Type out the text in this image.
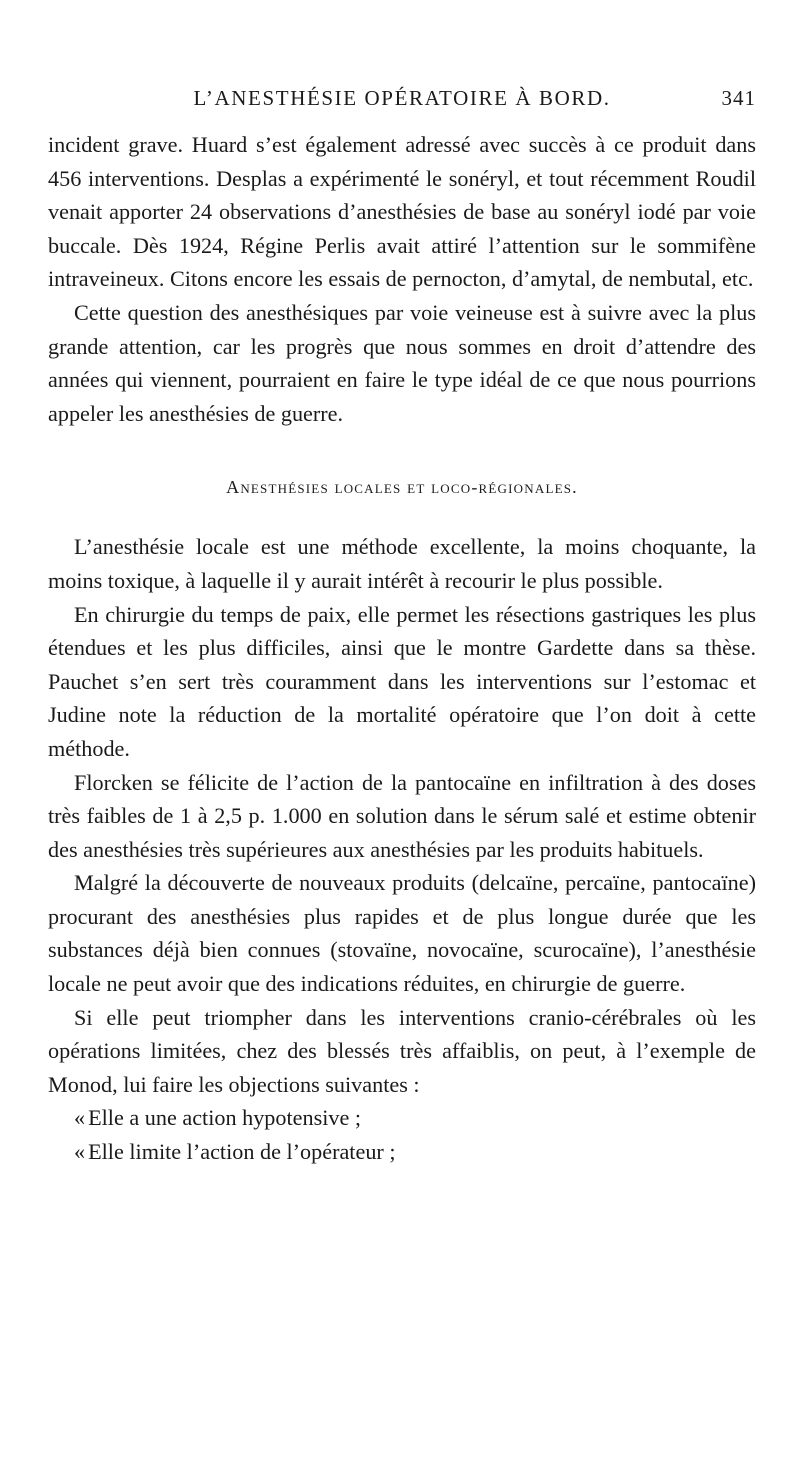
L’ANESTHÉSIE OPÉRATOIRE À BORD.	341

incident grave. Huard s’est également adressé avec succès à ce produit dans 456 interventions. Desplas a expérimenté le sonéryl, et tout récemment Roudil venait apporter 24 observations d’anesthésies de base au sonéryl iodé par voie buccale. Dès 1924, Régine Perlis avait attiré l’attention sur le sommifène intraveineux. Citons encore les essais de pernocton, d’amytal, de nembutal, etc.

Cette question des anesthésiques par voie veineuse est à suivre avec la plus grande attention, car les progrès que nous sommes en droit d’attendre des années qui viennent, pourraient en faire le type idéal de ce que nous pourrions appeler les anesthésies de guerre.

Anesthésies locales et loco-régionales.

L’anesthésie locale est une méthode excellente, la moins choquante, la moins toxique, à laquelle il y aurait intérêt à recourir le plus possible.

En chirurgie du temps de paix, elle permet les résections gastriques les plus étendues et les plus difficiles, ainsi que le montre Gardette dans sa thèse. Pauchet s’en sert très couramment dans les interventions sur l’estomac et Judine note la réduction de la mortalité opératoire que l’on doit à cette méthode.

Florcken se félicite de l’action de la pantocaïne en infiltration à des doses très faibles de 1 à 2,5 p. 1.000 en solution dans le sérum salé et estime obtenir des anesthésies très supérieures aux anesthésies par les produits habituels.

Malgré la découverte de nouveaux produits (delcaïne, percaïne, pantocaïne) procurant des anesthésies plus rapides et de plus longue durée que les substances déjà bien connues (stovaïne, novocaïne, scurocaïne), l’anesthésie locale ne peut avoir que des indications réduites, en chirurgie de guerre.

Si elle peut triompher dans les interventions cranio-cérébrales où les opérations limitées, chez des blessés très affaiblis, on peut, à l’exemple de Monod, lui faire les objections suivantes :

« Elle a une action hypotensive ;
« Elle limite l’action de l’opérateur ;
